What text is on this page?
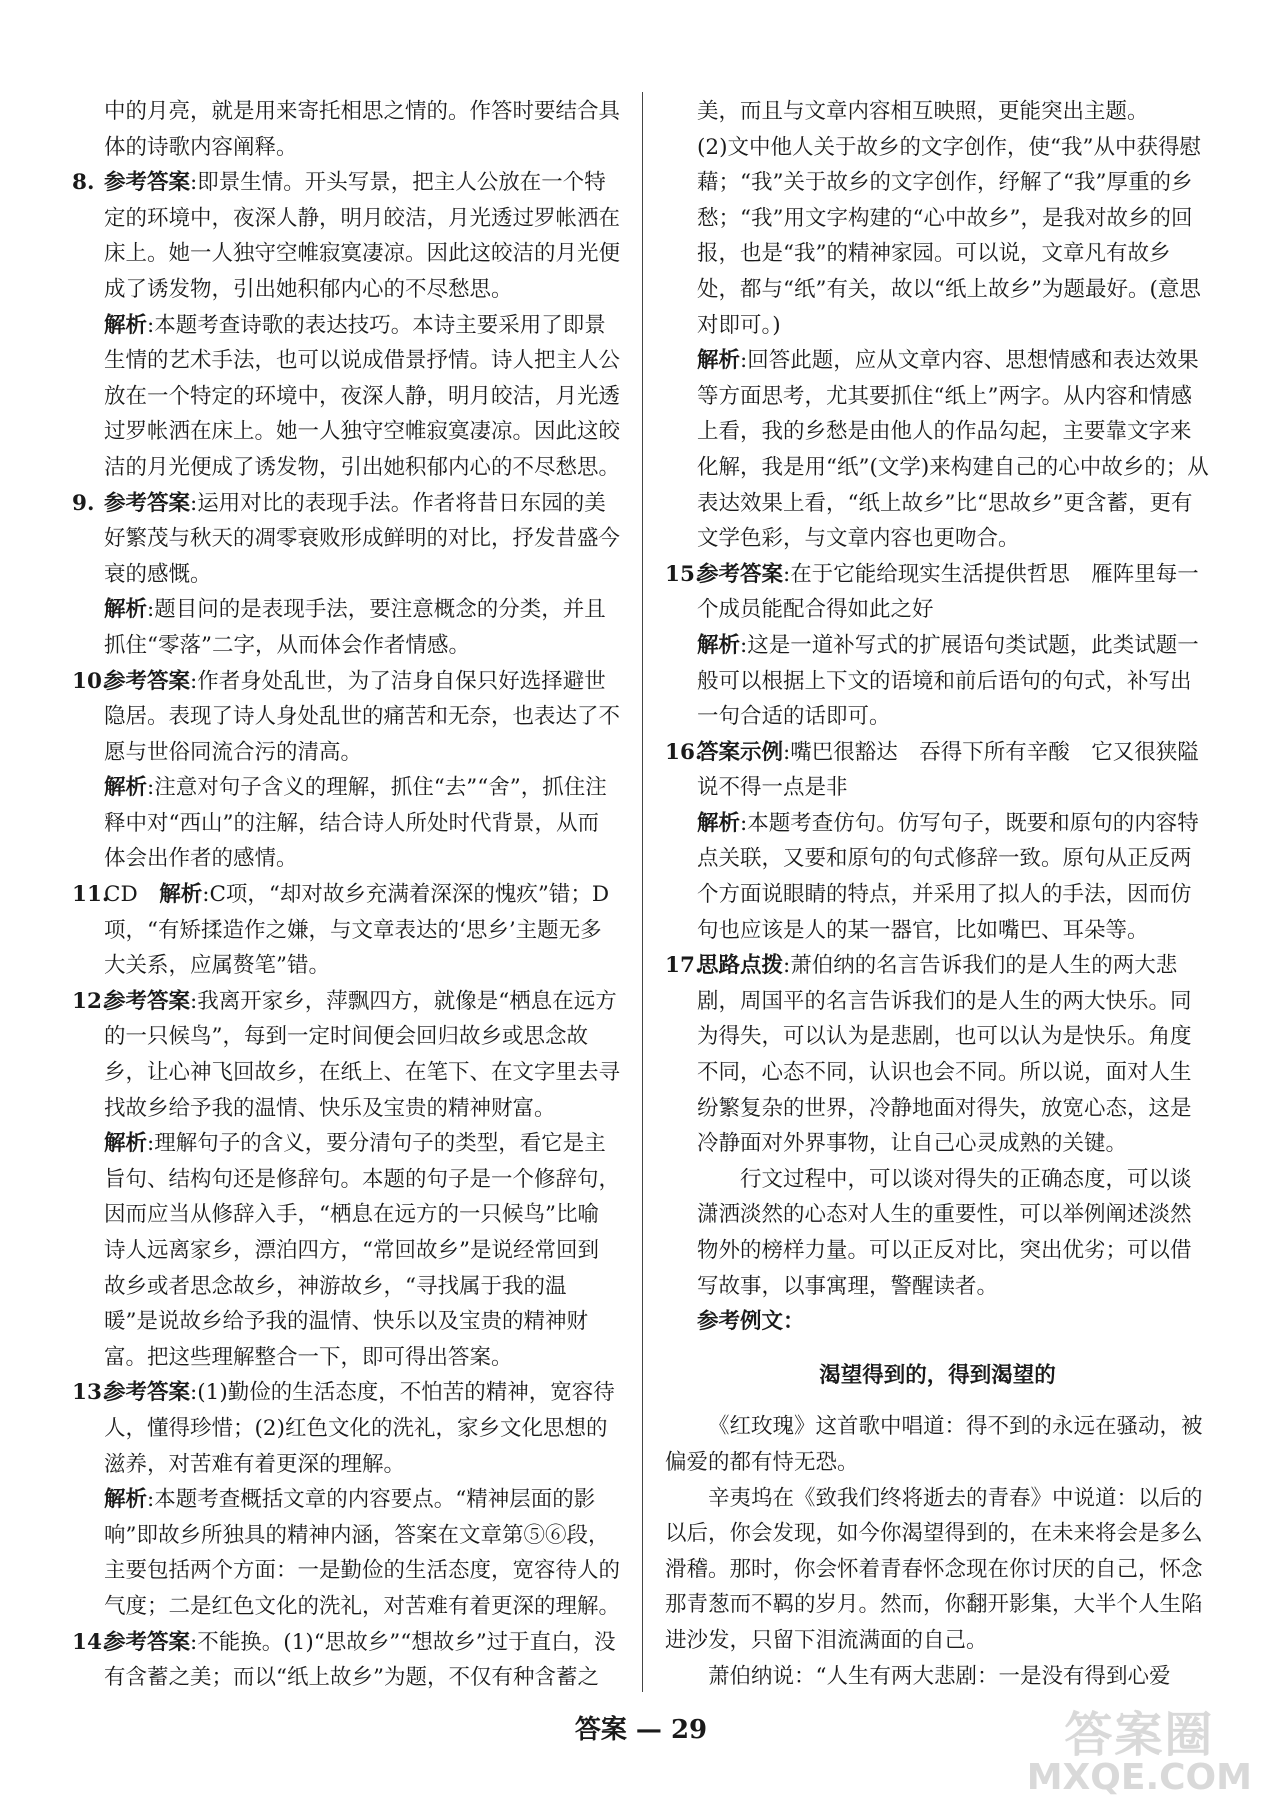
中的月亮，就是用来寄托相思之情的。作答时要结合具体的诗歌内容阐释。

8. 参考答案:即景生情。开头写景，把主人公放在一个特定的环境中，夜深人静，明月皎洁，月光透过罗帐洒在床上。她一人独守空帷寂寞凄凉。因此这皎洁的月光便成了诱发物，引出她积郁内心的不尽愁思。

解析:本题考查诗歌的表达技巧。本诗主要采用了即景生情的艺术手法，也可以说成借景抒情。诗人把主人公放在一个特定的环境中，夜深人静，明月皎洁，月光透过罗帐洒在床上。她一人独守空帷寂寞凄凉。因此这皎洁的月光便成了诱发物，引出她积郁内心的不尽愁思。

9. 参考答案:运用对比的表现手法。作者将昔日东园的美好繁茂与秋天的凋零衰败形成鲜明的对比，抒发昔盛今衰的感慨。

解析:题目问的是表现手法，要注意概念的分类，并且抓住“零落”二字，从而体会作者情感。

10.参考答案:作者身处乱世，为了洁身自保只好选择避世隐居。表现了诗人身处乱世的痛苦和无奈，也表达了不愿与世俗同流合污的清高。

解析:注意对句子含义的理解，抓住“去”“舍”，抓住注释中对“西山”的注解，结合诗人所处时代背景，从而体会出作者的感情。

11.CD　 解析:C项，“却对故乡充满着深深的愧疚”错；D项，“有矫揉造作之嫌，与文章表达的‘思乡’主题无多大关系，应属赘笔”错。

12.参考答案:我离开家乡，萍飘四方，就像是“栖息在远方的一只候鸟”，每到一定时间便会回归故乡或思念故乡，让心神飞回故乡，在纸上、在笔下、在文字里去寻找故乡给予我的温情、快乐及宝贵的精神财富。

解析:理解句子的含义，要分清句子的类型，看它是主旨句、结构句还是修辞句。本题的句子是一个修辞句，因而应当从修辞入手，“栖息在远方的一只候鸟”比喻诗人远离家乡，漂泊四方，“常回故乡”是说经常回到故乡或者思念故乡，神游故乡，“寻找属于我的温暖”是说故乡给予我的温情、快乐以及宝贵的精神财富。把这些理解整合一下，即可得出答案。

13.参考答案:(1)勤俭的生活态度，不怕苦的精神，宽容待人，懂得珍惜；(2)红色文化的洗礼，家乡文化思想的滋养，对苦难有着更深的理解。

解析:本题考查概括文章的内容要点。“精神层面的影响”即故乡所独具的精神内涵，答案在文章第⑤⑥段，主要包括两个方面：一是勤俭的生活态度，宽容待人的气度；二是红色文化的洗礼，对苦难有着更深的理解。

14.参考答案:不能换。(1)“思故乡”“想故乡”过于直白，没有含蓄之美；而以“纸上故乡”为题，不仅有种含蓄之

美，而且与文章内容相互映照，更能突出主题。

(2)文中他人关于故乡的文字创作，使“我”从中获得慰藉；“我”关于故乡的文字创作，纾解了“我”厚重的乡愁；“我”用文字构建的“心中故乡”，是我对故乡的回报，也是“我”的精神家园。可以说，文章凡有故乡处，都与“纸”有关，故以“纸上故乡”为题最好。(意思对即可。)

解析:回答此题，应从文章内容、思想情感和表达效果等方面思考，尤其要抓住“纸上”两字。从内容和情感上看，我的乡愁是由他人的作品勾起，主要靠文字来化解，我是用“纸”(文学)来构建自己的心中故乡的；从表达效果上看，“纸上故乡”比“思故乡”更含蓄，更有文学色彩，与文章内容也更吻合。

15.参考答案:在于它能给现实生活提供哲思　雁阵里每一个成员能配合得如此之好

解析:这是一道补写式的扩展语句类试题，此类试题一般可以根据上下文的语境和前后语句的句式，补写出一句合适的话即可。

16.答案示例:嘴巴很豁达　吞得下所有辛酸　它又很狭隘　说不得一点是非

解析:本题考查仿句。仿写句子，既要和原句的内容特点关联，又要和原句的句式修辞一致。原句从正反两个方面说眼睛的特点，并采用了拟人的手法，因而仿句也应该是人的某一器官，比如嘴巴、耳朵等。

17.思路点拨:萧伯纳的名言告诉我们的是人生的两大悲剧，周国平的名言告诉我们的是人生的两大快乐。同为得失，可以认为是悲剧，也可以认为是快乐。角度不同，心态不同，认识也会不同。所以说，面对人生纷繁复杂的世界，冷静地面对得失，放宽心态，这是冷静面对外界事物，让自己心灵成熟的关键。

行文过程中，可以谈对得失的正确态度，可以谈潇洒淡然的心态对人生的重要性，可以举例阐述淡然物外的榜样力量。可以正反对比，突出优劣；可以借写故事，以事寓理，警醒读者。

参考例文：

渴望得到的，得到渴望的

《红玫瑰》这首歌中唱道：得不到的永远在骚动，被偏爱的都有恃无恐。

辛夷坞在《致我们终将逝去的青春》中说道：以后的以后，你会发现，如今你渴望得到的，在未来将会是多么滑稽。那时，你会怀着青春怀念现在你讨厌的自己，怀念那青葱而不羁的岁月。然而，你翻开影集，大半个人生陷进沙发，只留下泪流满面的自己。

萧伯纳说：“人生有两大悲剧：一是没有得到心爱

答案 — 29	答案圈
MXQE.COM
